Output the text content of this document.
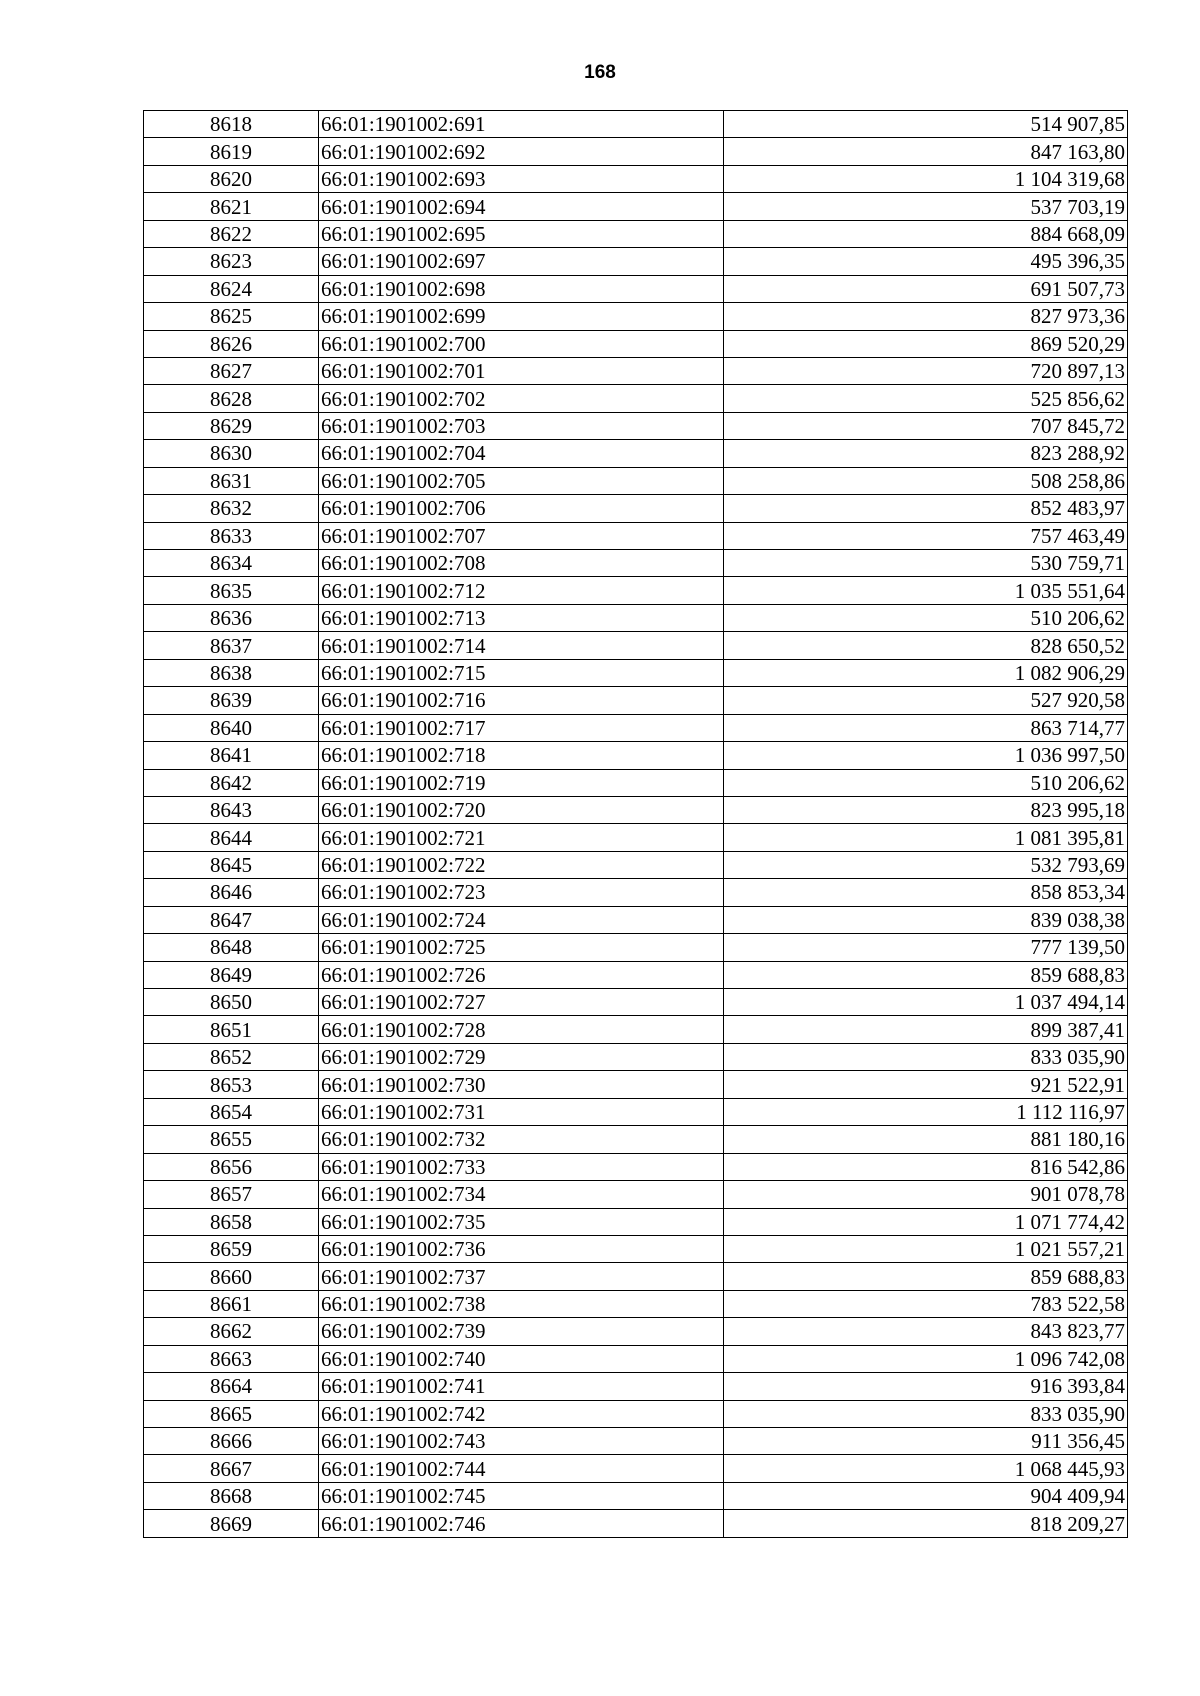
168
8618	66:01:1901002:691	514 907,85
8619	66:01:1901002:692	847 163,80
8620	66:01:1901002:693	1 104 319,68
8621	66:01:1901002:694	537 703,19
8622	66:01:1901002:695	884 668,09
8623	66:01:1901002:697	495 396,35
8624	66:01:1901002:698	691 507,73
8625	66:01:1901002:699	827 973,36
8626	66:01:1901002:700	869 520,29
8627	66:01:1901002:701	720 897,13
8628	66:01:1901002:702	525 856,62
8629	66:01:1901002:703	707 845,72
8630	66:01:1901002:704	823 288,92
8631	66:01:1901002:705	508 258,86
8632	66:01:1901002:706	852 483,97
8633	66:01:1901002:707	757 463,49
8634	66:01:1901002:708	530 759,71
8635	66:01:1901002:712	1 035 551,64
8636	66:01:1901002:713	510 206,62
8637	66:01:1901002:714	828 650,52
8638	66:01:1901002:715	1 082 906,29
8639	66:01:1901002:716	527 920,58
8640	66:01:1901002:717	863 714,77
8641	66:01:1901002:718	1 036 997,50
8642	66:01:1901002:719	510 206,62
8643	66:01:1901002:720	823 995,18
8644	66:01:1901002:721	1 081 395,81
8645	66:01:1901002:722	532 793,69
8646	66:01:1901002:723	858 853,34
8647	66:01:1901002:724	839 038,38
8648	66:01:1901002:725	777 139,50
8649	66:01:1901002:726	859 688,83
8650	66:01:1901002:727	1 037 494,14
8651	66:01:1901002:728	899 387,41
8652	66:01:1901002:729	833 035,90
8653	66:01:1901002:730	921 522,91
8654	66:01:1901002:731	1 112 116,97
8655	66:01:1901002:732	881 180,16
8656	66:01:1901002:733	816 542,86
8657	66:01:1901002:734	901 078,78
8658	66:01:1901002:735	1 071 774,42
8659	66:01:1901002:736	1 021 557,21
8660	66:01:1901002:737	859 688,83
8661	66:01:1901002:738	783 522,58
8662	66:01:1901002:739	843 823,77
8663	66:01:1901002:740	1 096 742,08
8664	66:01:1901002:741	916 393,84
8665	66:01:1901002:742	833 035,90
8666	66:01:1901002:743	911 356,45
8667	66:01:1901002:744	1 068 445,93
8668	66:01:1901002:745	904 409,94
8669	66:01:1901002:746	818 209,27
